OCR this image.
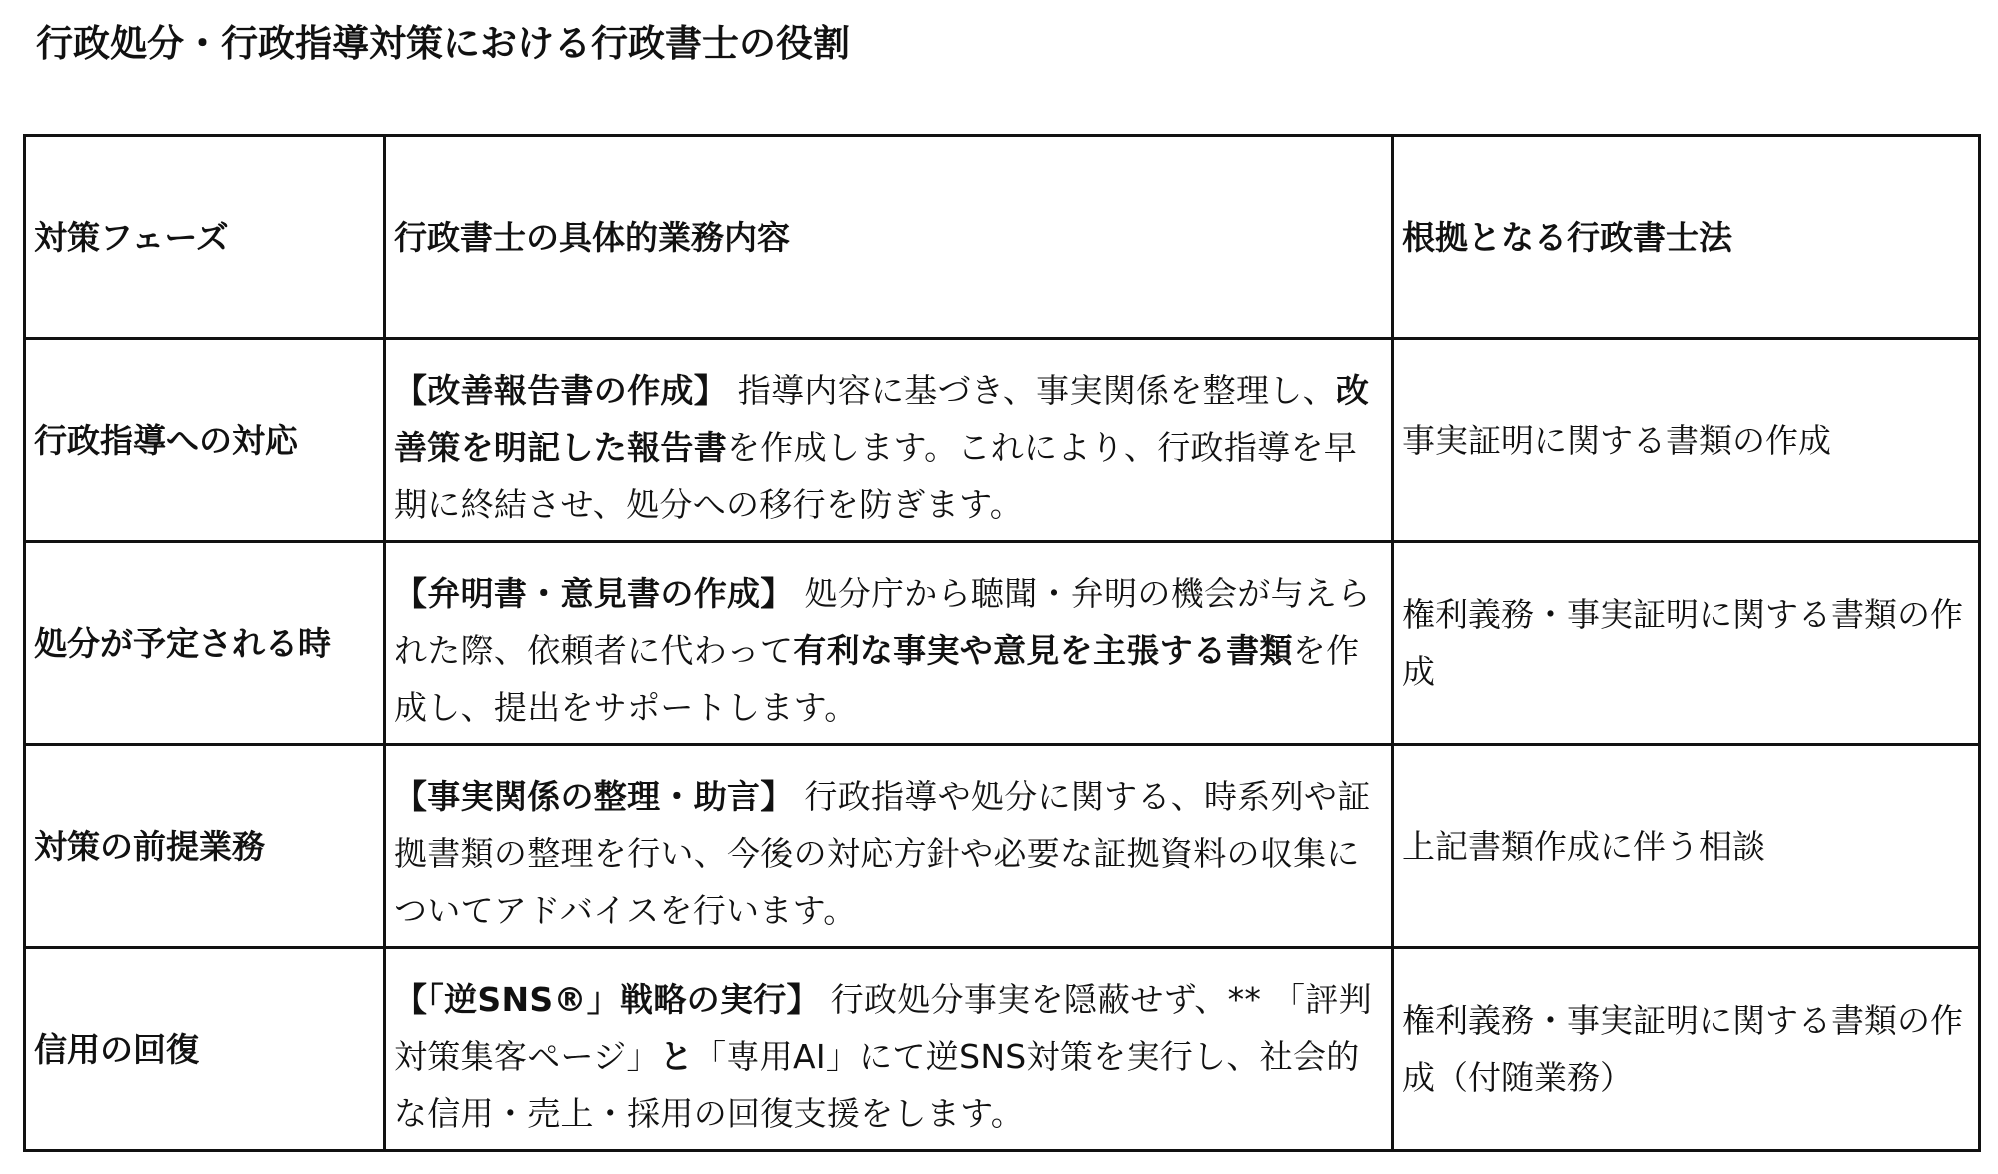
行政処分・行政指導対策における行政書士の役割
対策フェーズ	行政書士の具体的業務内容	根拠となる行政書士法
行政指導への対応	【改善報告書の作成】 指導内容に基づき、事実関係を整理し、改善策を明記した報告書を作成します。これにより、行政指導を早期に終結させ、処分への移行を防ぎます。	事実証明に関する書類の作成
処分が予定される時	【弁明書・意見書の作成】 処分庁から聴聞・弁明の機会が与えられた際、依頼者に代わって有利な事実や意見を主張する書類を作成し、提出をサポートします。	権利義務・事実証明に関する書類の作成
対策の前提業務	【事実関係の整理・助言】 行政指導や処分に関する、時系列や証拠書類の整理を行い、今後の対応方針や必要な証拠資料の収集についてアドバイスを行います。	上記書類作成に伴う相談
信用の回復	【「逆SNS®」戦略の実行】 行政処分事実を隠蔽せず、** 「評判対策集客ページ」と「専用AI」にて逆SNS対策を実行し、社会的な信用・売上・採用の回復支援をします。	権利義務・事実証明に関する書類の作成（付随業務）
